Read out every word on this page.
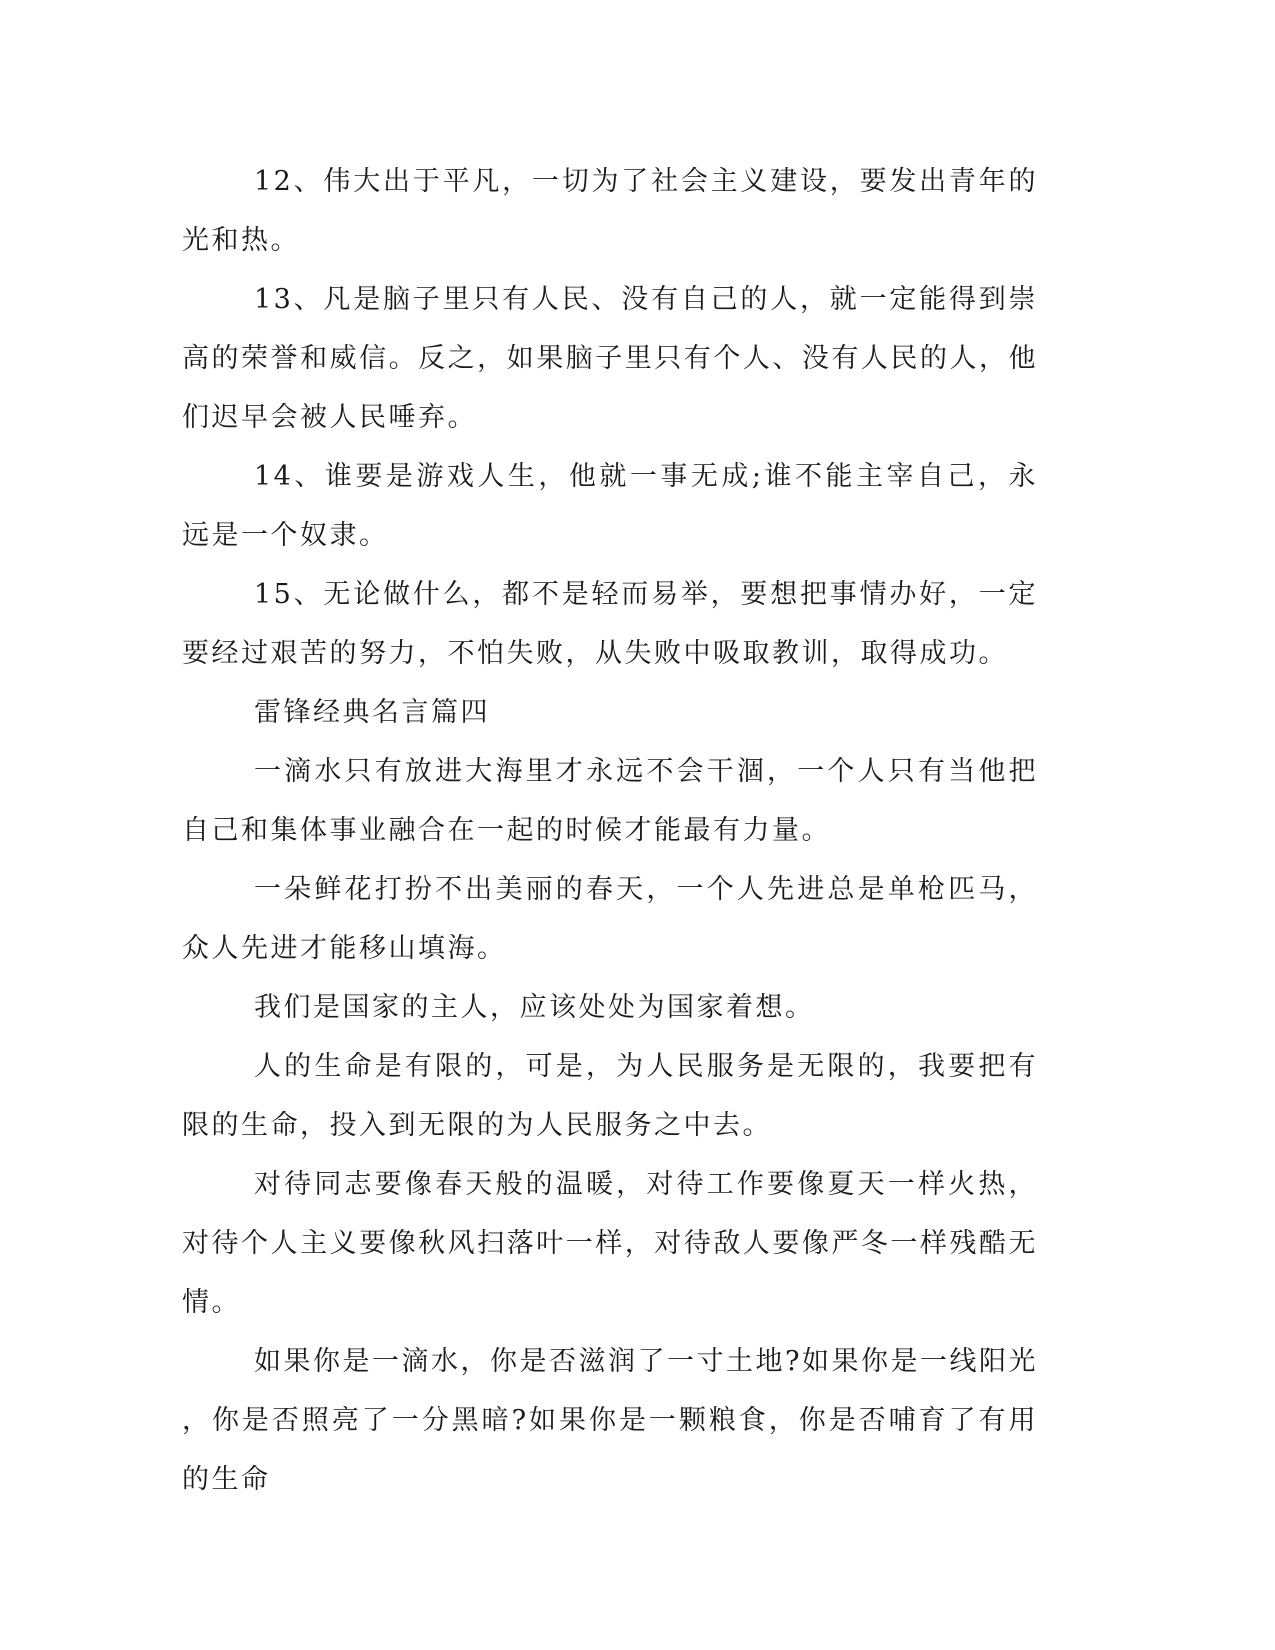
12、伟大出于平凡，一切为了社会主义建设，要发出青年的光和热。

13、凡是脑子里只有人民、没有自己的人，就一定能得到崇高的荣誉和威信。反之，如果脑子里只有个人、没有人民的人，他们迟早会被人民唾弃。

14、谁要是游戏人生，他就一事无成;谁不能主宰自己，永远是一个奴隶。

15、无论做什么，都不是轻而易举，要想把事情办好，一定要经过艰苦的努力，不怕失败，从失败中吸取教训，取得成功。

雷锋经典名言篇四

一滴水只有放进大海里才永远不会干涸，一个人只有当他把自己和集体事业融合在一起的时候才能最有力量。

一朵鲜花打扮不出美丽的春天，一个人先进总是单枪匹马，众人先进才能移山填海。

我们是国家的主人，应该处处为国家着想。

人的生命是有限的，可是，为人民服务是无限的，我要把有限的生命，投入到无限的为人民服务之中去。

对待同志要像春天般的温暖，对待工作要像夏天一样火热，对待个人主义要像秋风扫落叶一样，对待敌人要像严冬一样残酷无情。

如果你是一滴水，你是否滋润了一寸土地?如果你是一线阳光，你是否照亮了一分黑暗?如果你是一颗粮食，你是否哺育了有用的生命
